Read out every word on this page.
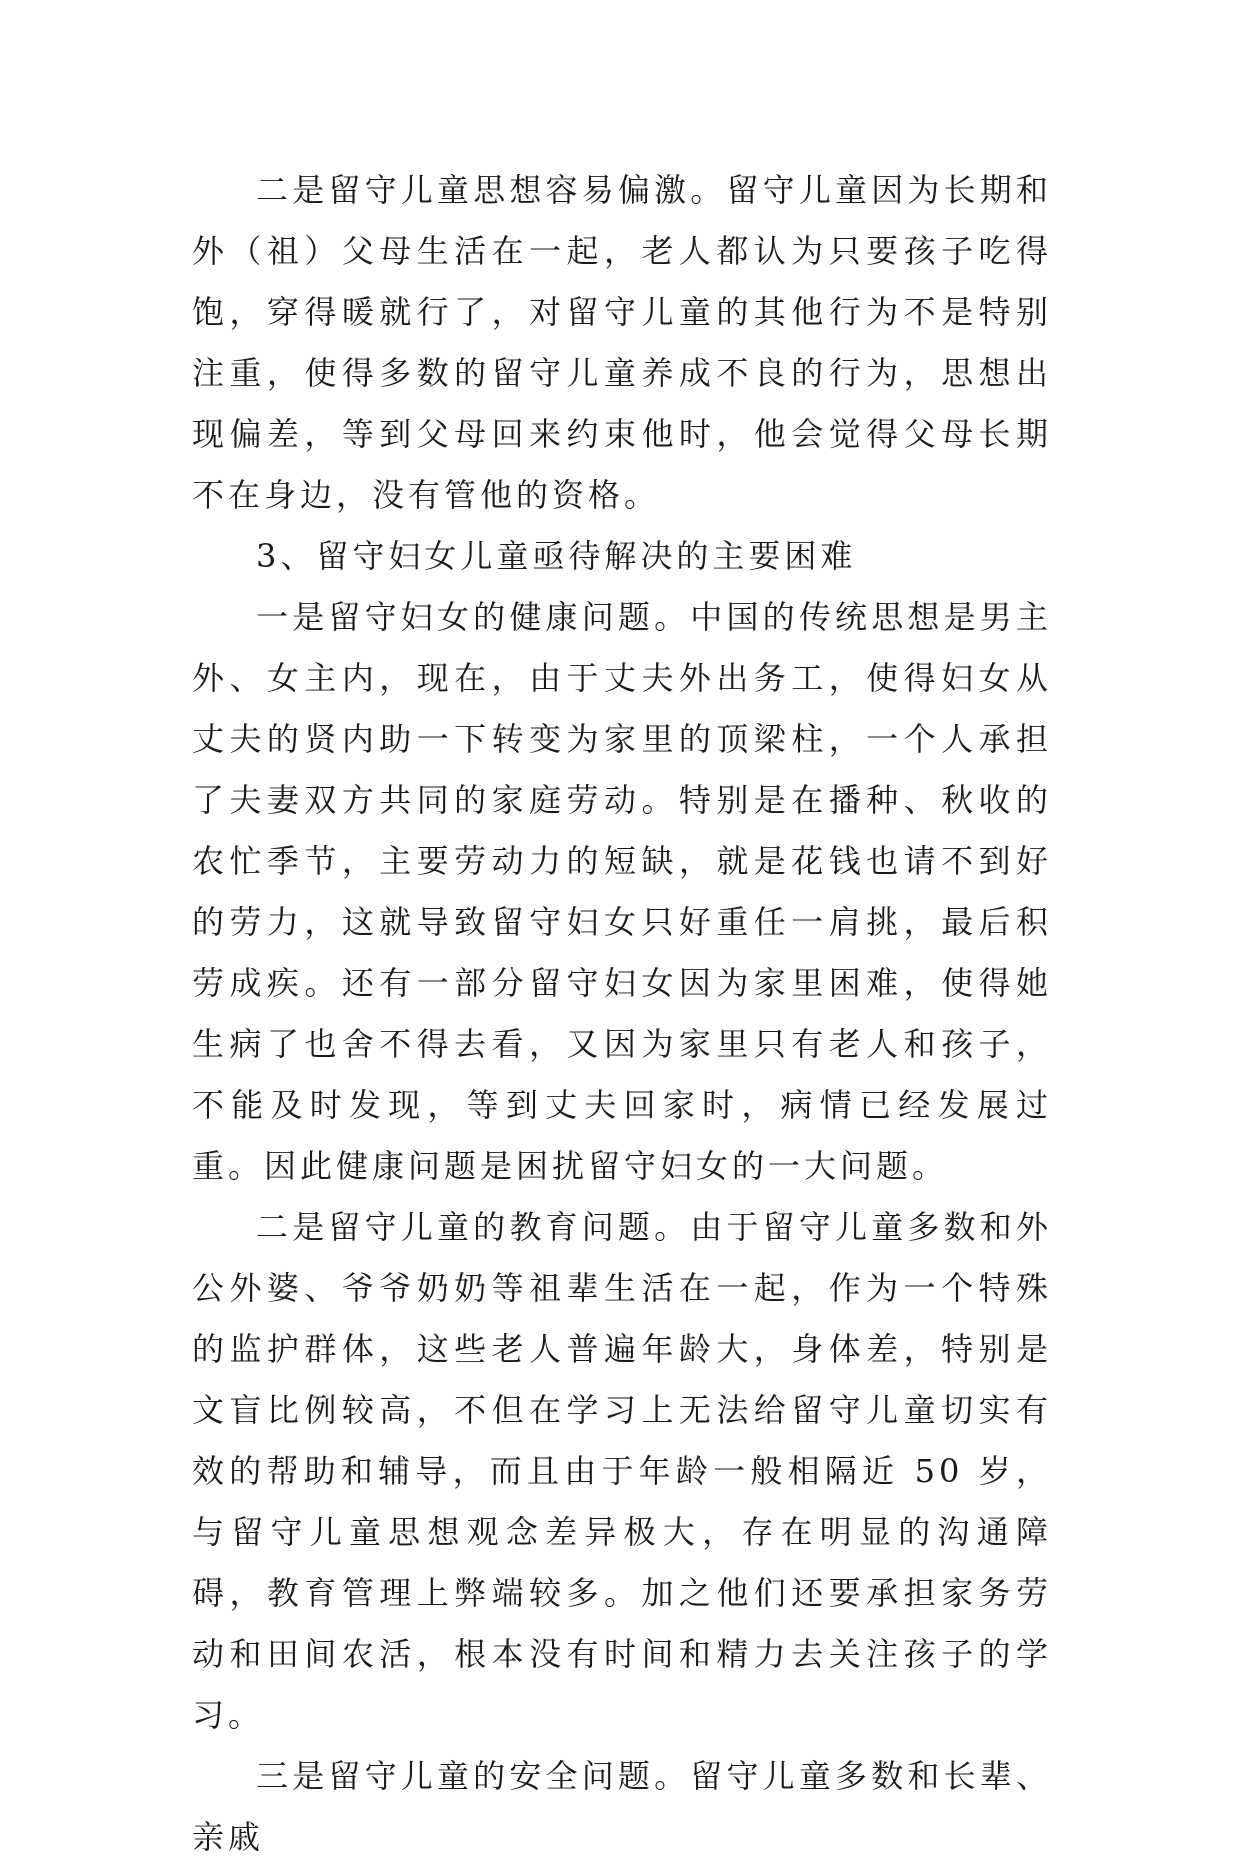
二是留守儿童思想容易偏激。留守儿童因为长期和外（祖）父母生活在一起，老人都认为只要孩子吃得饱，穿得暖就行了，对留守儿童的其他行为不是特别注重，使得多数的留守儿童养成不良的行为，思想出现偏差，等到父母回来约束他时，他会觉得父母长期不在身边，没有管他的资格。

3、留守妇女儿童亟待解决的主要困难

一是留守妇女的健康问题。中国的传统思想是男主外、女主内，现在，由于丈夫外出务工，使得妇女从丈夫的贤内助一下转变为家里的顶梁柱，一个人承担了夫妻双方共同的家庭劳动。特别是在播种、秋收的农忙季节，主要劳动力的短缺，就是花钱也请不到好的劳力，这就导致留守妇女只好重任一肩挑，最后积劳成疾。还有一部分留守妇女因为家里困难，使得她生病了也舍不得去看，又因为家里只有老人和孩子，不能及时发现，等到丈夫回家时，病情已经发展过重。因此健康问题是困扰留守妇女的一大问题。

二是留守儿童的教育问题。由于留守儿童多数和外公外婆、爷爷奶奶等祖辈生活在一起，作为一个特殊的监护群体，这些老人普遍年龄大，身体差，特别是文盲比例较高，不但在学习上无法给留守儿童切实有效的帮助和辅导，而且由于年龄一般相隔近 50 岁，与留守儿童思想观念差异极大，存在明显的沟通障碍，教育管理上弊端较多。加之他们还要承担家务劳动和田间农活，根本没有时间和精力去关注孩子的学习。

三是留守儿童的安全问题。留守儿童多数和长辈、亲戚
